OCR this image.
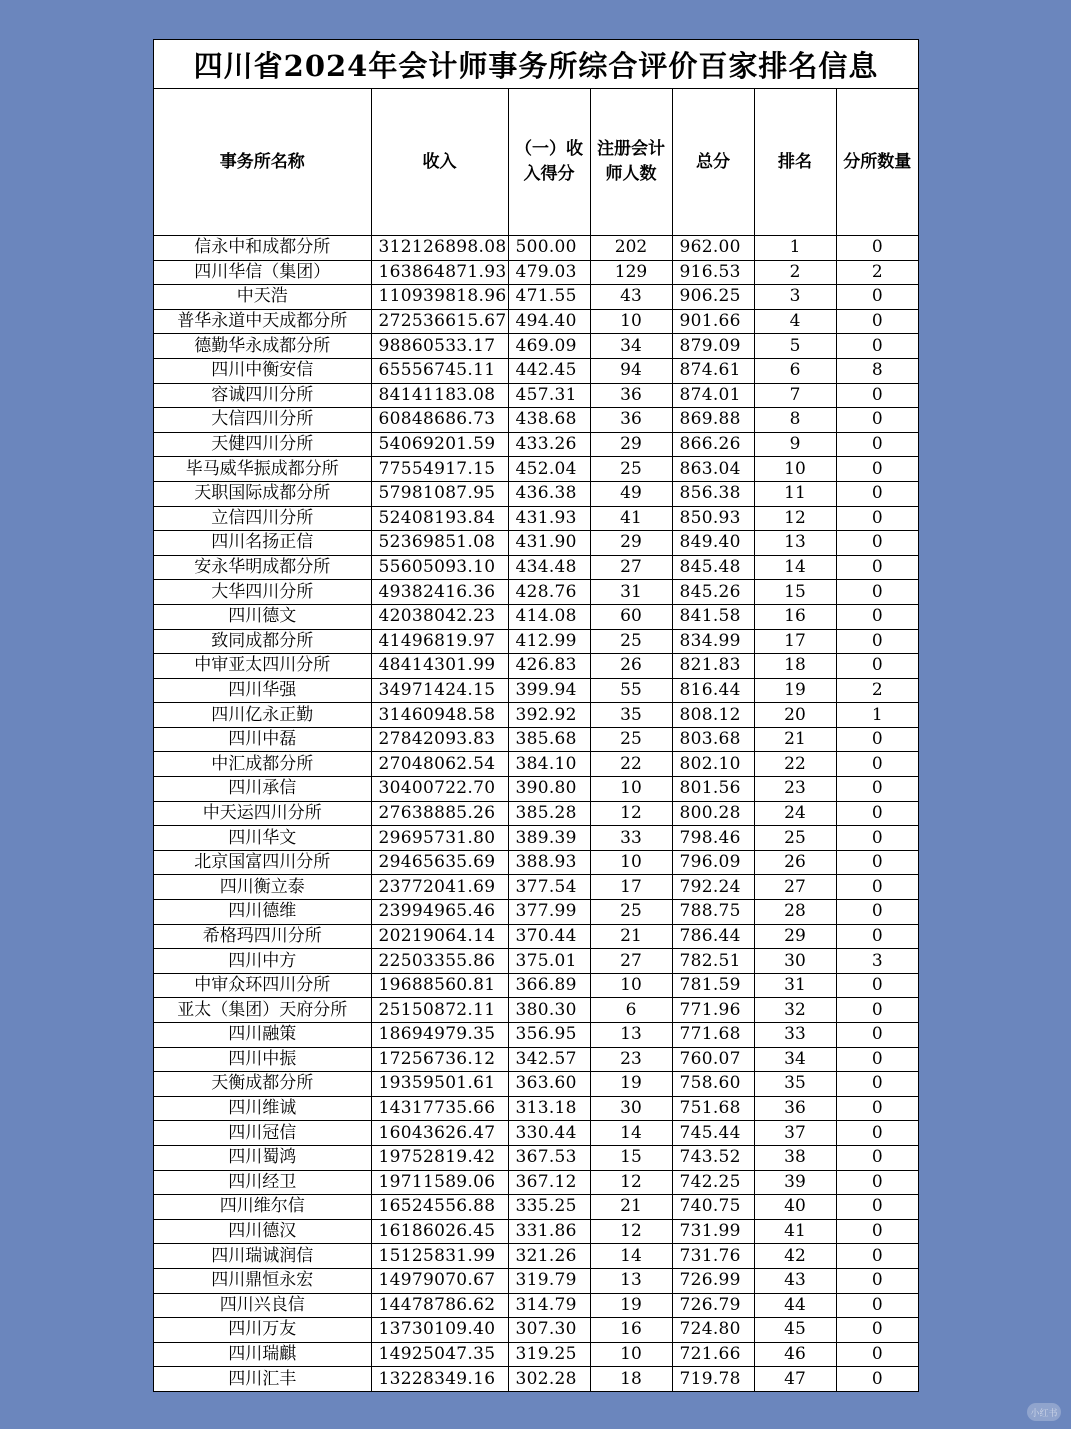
四川省2024年会计师事务所综合评价百家排名信息
事务所名称	收入	（一）收入得分	注册会计师人数	总分	排名	分所数量
信永中和成都分所	312126898.08	500.00	202	962.00	1	0
四川华信（集团）	163864871.93	479.03	129	916.53	2	2
中天浩	110939818.96	471.55	43	906.25	3	0
普华永道中天成都分所	272536615.67	494.40	10	901.66	4	0
德勤华永成都分所	98860533.17	469.09	34	879.09	5	0
四川中衡安信	65556745.11	442.45	94	874.61	6	8
容诚四川分所	84141183.08	457.31	36	874.01	7	0
大信四川分所	60848686.73	438.68	36	869.88	8	0
天健四川分所	54069201.59	433.26	29	866.26	9	0
毕马威华振成都分所	77554917.15	452.04	25	863.04	10	0
天职国际成都分所	57981087.95	436.38	49	856.38	11	0
立信四川分所	52408193.84	431.93	41	850.93	12	0
四川名扬正信	52369851.08	431.90	29	849.40	13	0
安永华明成都分所	55605093.10	434.48	27	845.48	14	0
大华四川分所	49382416.36	428.76	31	845.26	15	0
四川德文	42038042.23	414.08	60	841.58	16	0
致同成都分所	41496819.97	412.99	25	834.99	17	0
中审亚太四川分所	48414301.99	426.83	26	821.83	18	0
四川华强	34971424.15	399.94	55	816.44	19	2
四川亿永正勤	31460948.58	392.92	35	808.12	20	1
四川中磊	27842093.83	385.68	25	803.68	21	0
中汇成都分所	27048062.54	384.10	22	802.10	22	0
四川承信	30400722.70	390.80	10	801.56	23	0
中天运四川分所	27638885.26	385.28	12	800.28	24	0
四川华文	29695731.80	389.39	33	798.46	25	0
北京国富四川分所	29465635.69	388.93	10	796.09	26	0
四川衡立泰	23772041.69	377.54	17	792.24	27	0
四川德维	23994965.46	377.99	25	788.75	28	0
希格玛四川分所	20219064.14	370.44	21	786.44	29	0
四川中方	22503355.86	375.01	27	782.51	30	3
中审众环四川分所	19688560.81	366.89	10	781.59	31	0
亚太（集团）天府分所	25150872.11	380.30	6	771.96	32	0
四川融策	18694979.35	356.95	13	771.68	33	0
四川中振	17256736.12	342.57	23	760.07	34	0
天衡成都分所	19359501.61	363.60	19	758.60	35	0
四川维诚	14317735.66	313.18	30	751.68	36	0
四川冠信	16043626.47	330.44	14	745.44	37	0
四川蜀鸿	19752819.42	367.53	15	743.52	38	0
四川经卫	19711589.06	367.12	12	742.25	39	0
四川维尔信	16524556.88	335.25	21	740.75	40	0
四川德汉	16186026.45	331.86	12	731.99	41	0
四川瑞诚润信	15125831.99	321.26	14	731.76	42	0
四川鼎恒永宏	14979070.67	319.79	13	726.99	43	0
四川兴良信	14478786.62	314.79	19	726.79	44	0
四川万友	13730109.40	307.30	16	724.80	45	0
四川瑞麒	14925047.35	319.25	10	721.66	46	0
四川汇丰	13228349.16	302.28	18	719.78	47	0
小红书
